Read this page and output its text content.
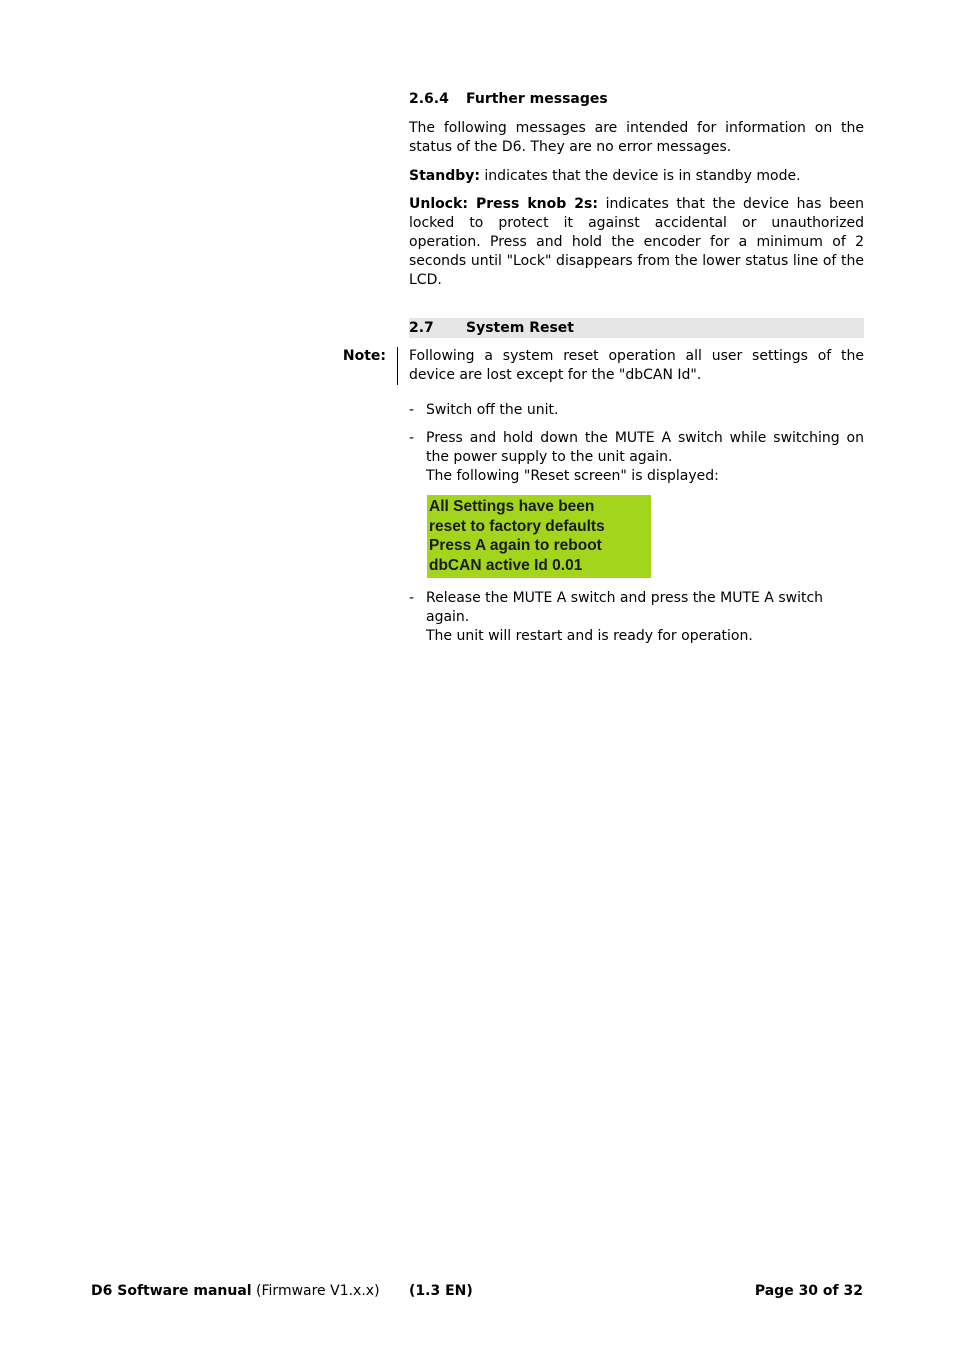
2.6.4 Further messages

The following messages are intended for information on the status of the D6. They are no error messages.

Standby: indicates that the device is in standby mode.

Unlock: Press knob 2s: indicates that the device has been locked to protect it against accidental or unauthorized operation. Press and hold the encoder for a minimum of 2 seconds until "Lock" disappears from the lower status line of the LCD.

2.7 System Reset
Note: Following a system reset operation all user settings of the device are lost except for the "dbCAN Id".

- Switch off the unit.
- Press and hold down the MUTE A switch while switching on the power supply to the unit again.
The following "Reset screen" is displayed:
All Settings have been
reset to factory defaults
Press A again to reboot
dbCAN active Id 0.01
- Release the MUTE A switch and press the MUTE A switch again.
The unit will restart and is ready for operation.
D6 Software manual (Firmware V1.x.x) (1.3 EN)	Page 30 of 32
